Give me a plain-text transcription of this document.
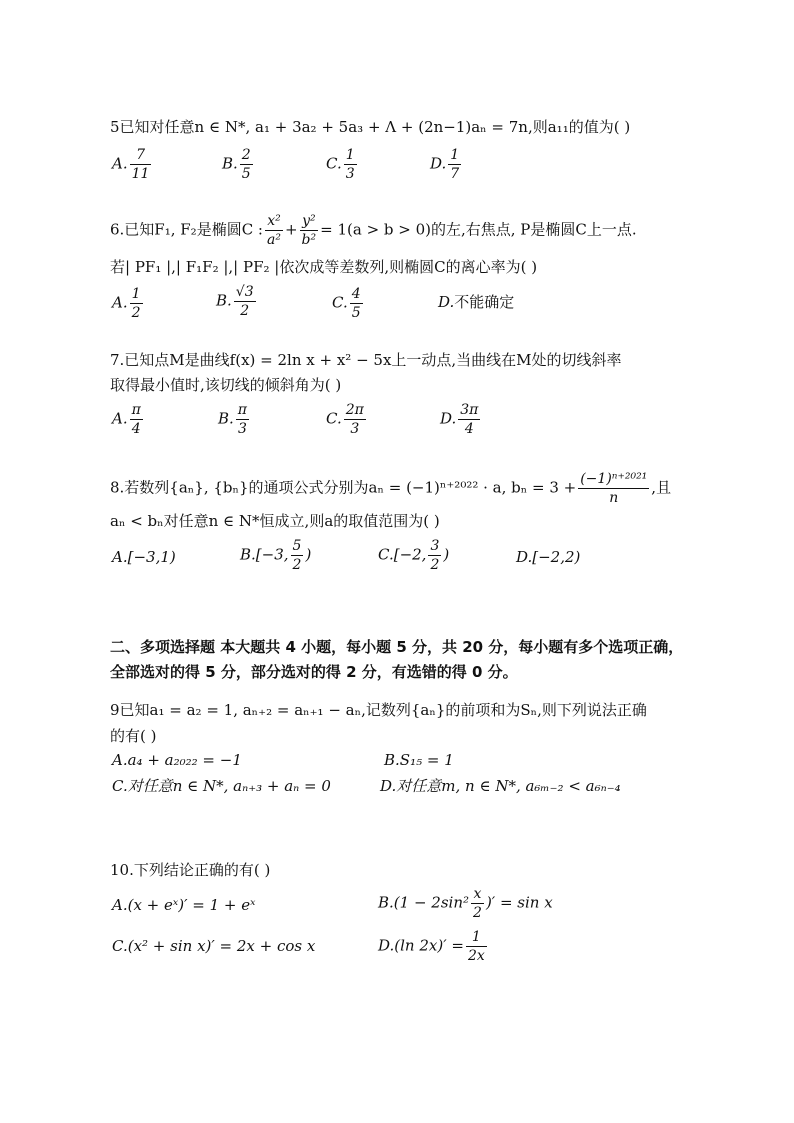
5已知对任意n ∈ N*, a₁ + 3a₂ + 5a₃ + Λ + (2n−1)aₙ = 7n,则a₁₁的值为( )
A. $\frac{7}{11}$	B. $\frac{2}{5}$	C. $\frac{1}{3}$	D. $\frac{1}{7}$
6.已知F₁, F₂是椭圆C : $\frac{\text{x²}}{\text{a²}} + \frac{\text{y²}}{\text{b²}} = 1(a > b > 0)$的左,右焦点, P是椭圆C上一点.
若| PF₁ |,| F₁F₂ |,| PF₂ |依次成等差数列,则椭圆C的离心率为( )
A. $\frac{1}{2}$	B. $\frac{√3}{2}$	C. $\frac{4}{5}$	D.不能确定
7.已知点M是曲线f(x) = 2ln x + x² − 5x上一动点,当曲线在M处的切线斜率
取得最小值时,该切线的倾斜角为( )
A. $\frac{\pi}{4}$	B. $\frac{\pi}{3}$	C. $\frac{2\pi}{3}$	D. $\frac{3\pi}{4}$
8.若数列{aₙ}, {bₙ}的通项公式分别为aₙ = (−1)ⁿ⁺²⁰²² · a, $b_n = 3 + \frac{\text{(−1)ⁿ⁺²⁰²¹}}{n}$ ,且
aₙ < bₙ对任意n ∈ N*恒成立,则a的取值范围为( )
A.[−3,1)	B.[−3, $\frac{5}{2}$ )	C.[−2, $\frac{3}{2}$ )	D.[−2,2)
二、多项选择题 本大题共 4 小题，每小题 5 分，共 20 分，每小题有多个选项正确，
全部选对的得 5 分，部分选对的得 2 分，有选错的得 0 分。
9已知a₁ = a₂ = 1, aₙ₊₂ = aₙ₊₁ − aₙ,记数列{aₙ}的前项和为Sₙ,则下列说法正确
的有( )
A.a₄ + a₂₀₂₂ = −1	B.S₁₅ = 1
C.对任意n ∈ N*, aₙ₊₃ + aₙ = 0	D.对任意m, n ∈ N*, a₆ₘ₋₂ < a₆ₙ₋₄
10.下列结论正确的有( )
A.(x + eˣ)′ = 1 + eˣ	$B.(1 - 2\sin^2 \frac{x}{2}$ )′ = sin x
C.(x² + sin x)′ = 2x + cos x	D.(ln $2x)' = \frac{1}{2x}$
